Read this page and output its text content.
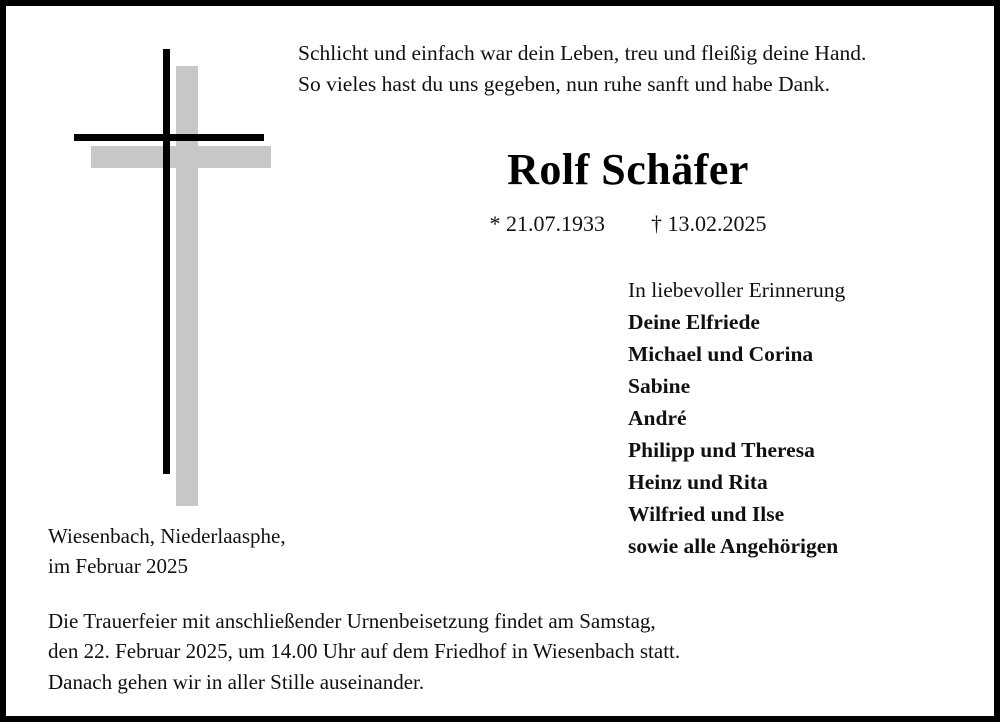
Schlicht und einfach war dein Leben, treu und fleißig deine Hand.
So vieles hast du uns gegeben, nun ruhe sanft und habe Dank.
Rolf Schäfer
* 21.07.1933 † 13.02.2025
In liebevoller Erinnerung
Deine Elfriede
Michael und Corina
Sabine
André
Philipp und Theresa
Heinz und Rita
Wilfried und Ilse
sowie alle Angehörigen
Wiesenbach, Niederlaasphe,
im Februar 2025
Die Trauerfeier mit anschließender Urnenbeisetzung findet am Samstag,
den 22. Februar 2025, um 14.00 Uhr auf dem Friedhof in Wiesenbach statt.
Danach gehen wir in aller Stille auseinander.
